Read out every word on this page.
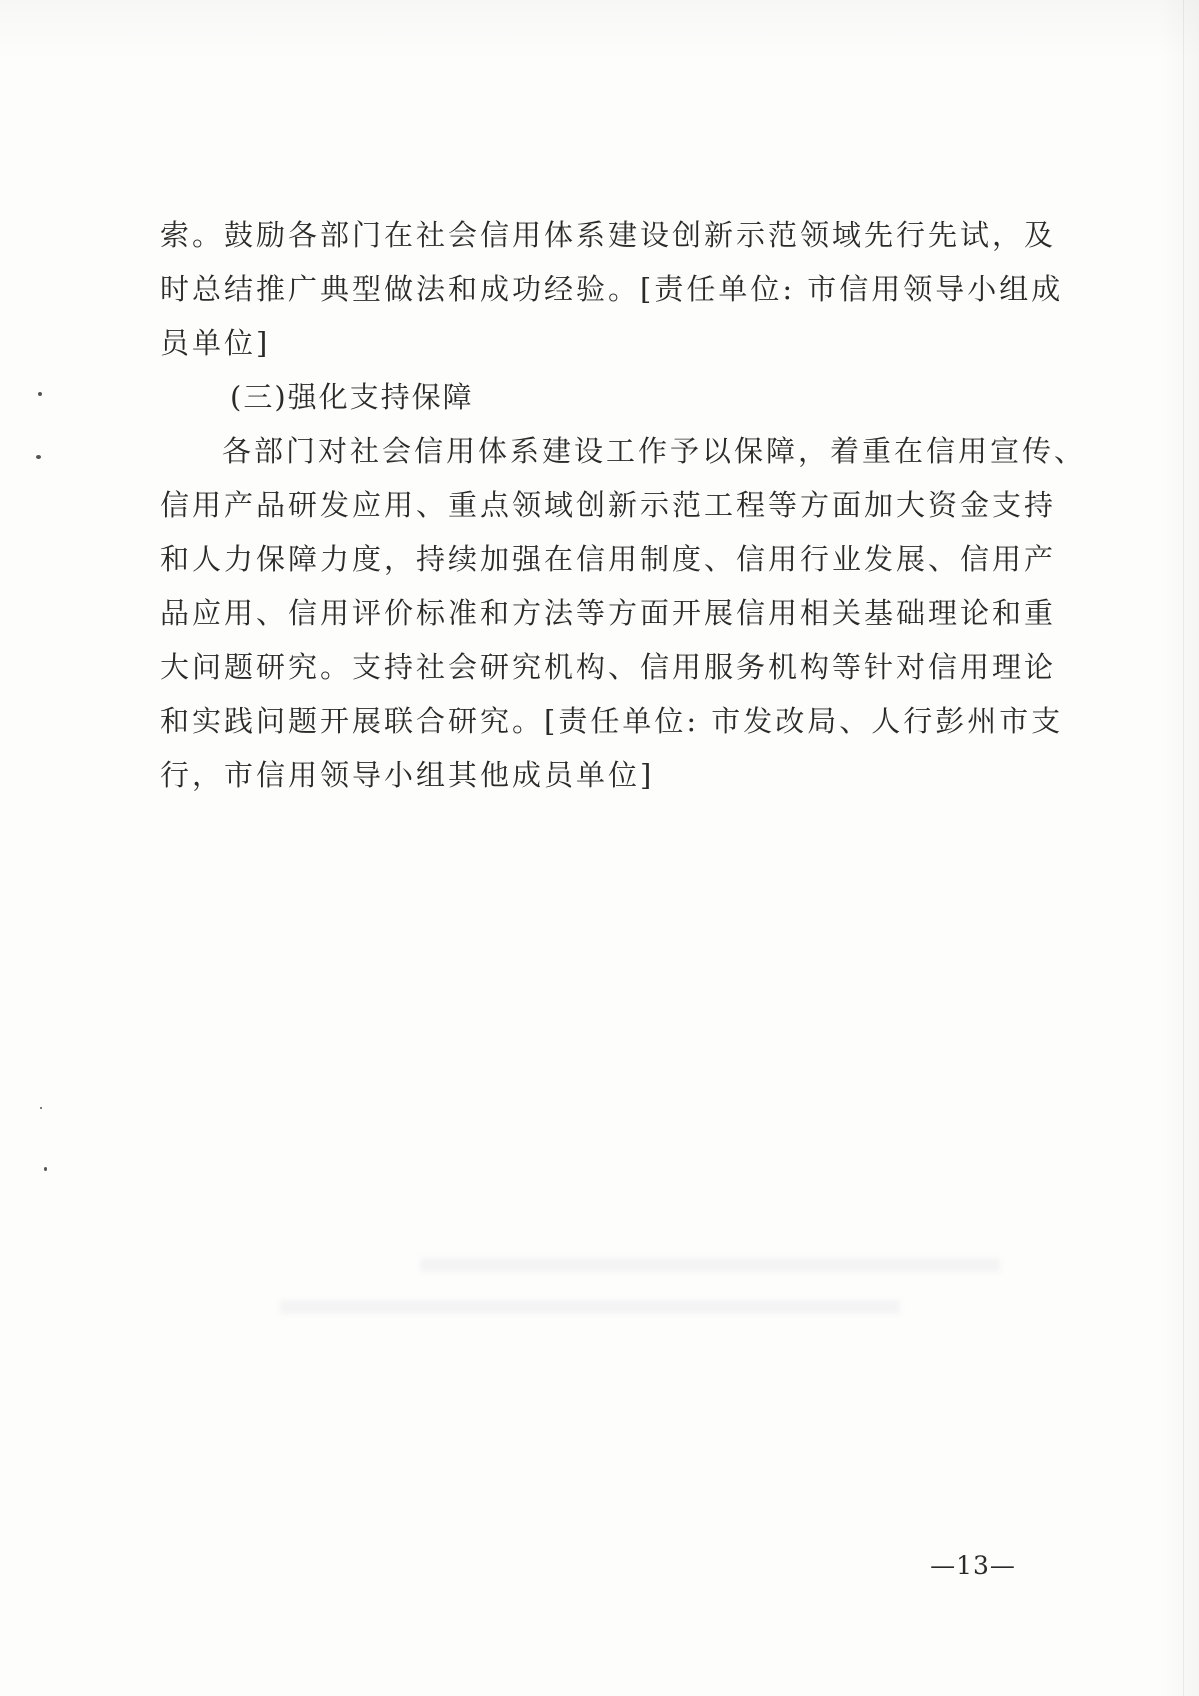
索。鼓励各部门在社会信用体系建设创新示范领域先行先试，及
时总结推广典型做法和成功经验。[责任单位: 市信用领导小组成
员单位]
(三)强化支持保障
各部门对社会信用体系建设工作予以保障，着重在信用宣传、
信用产品研发应用、重点领域创新示范工程等方面加大资金支持
和人力保障力度，持续加强在信用制度、信用行业发展、信用产
品应用、信用评价标准和方法等方面开展信用相关基础理论和重
大问题研究。支持社会研究机构、信用服务机构等针对信用理论
和实践问题开展联合研究。[责任单位: 市发改局、人行彭州市支
行，市信用领导小组其他成员单位]
—13—
